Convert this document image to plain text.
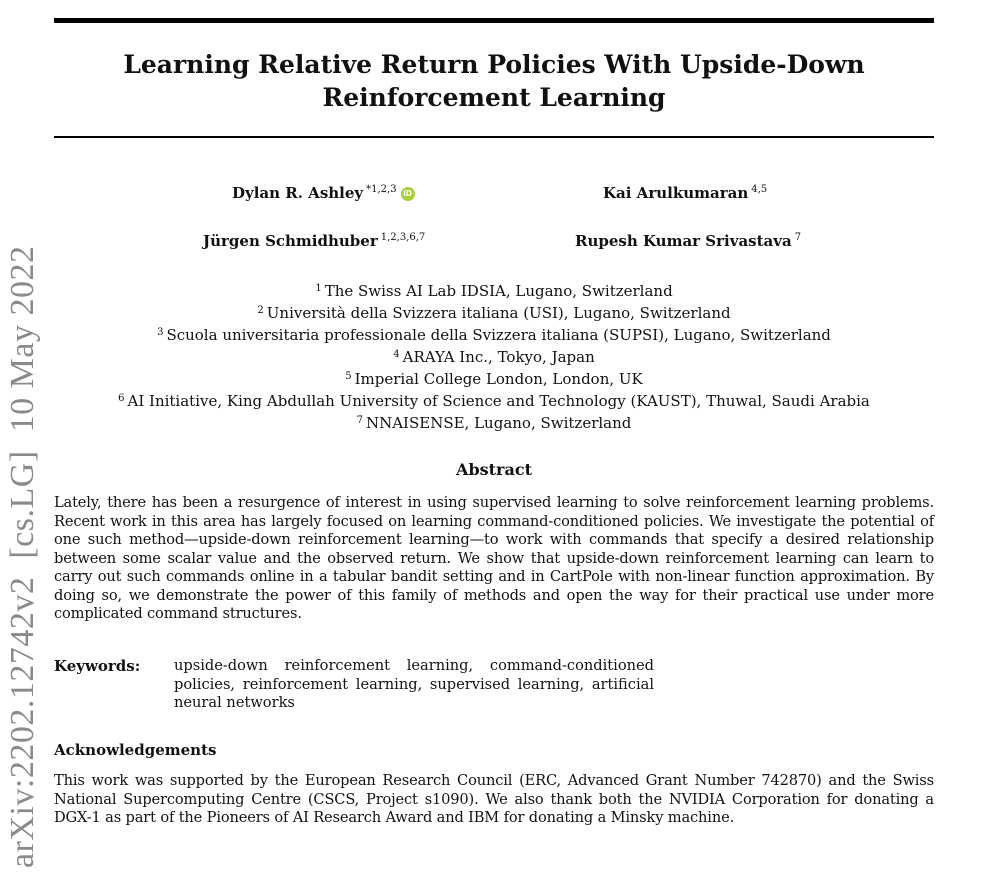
Learning Relative Return Policies With Upside-Down Reinforcement Learning
Dylan R. Ashley $^{*1,2,3}$ iD	Kai Arulkumaran $^{4,5}$
Jürgen Schmidhuber $^{1,2,3,6,7}$	Rupesh Kumar Srivastava $^7$
$^1$ The Swiss AI Lab IDSIA, Lugano, Switzerland
$^2$ Università della Svizzera italiana (USI), Lugano, Switzerland
$^3$ Scuola universitaria professionale della Svizzera italiana (SUPSI), Lugano, Switzerland
$^4$ ARAYA Inc., Tokyo, Japan
$^5$ Imperial College London, London, UK
$^6$ AI Initiative, King Abdullah University of Science and Technology (KAUST), Thuwal, Saudi Arabia
$^7$ NNAISENSE, Lugano, Switzerland
Abstract
Lately, there has been a resurgence of interest in using supervised learning to solve reinforcement learning problems. Recent work in this area has largely focused on learning command-conditioned policies. We investigate the potential of one such method—upside-down reinforcement learning—to work with commands that specify a desired relationship between some scalar value and the observed return. We show that upside-down reinforcement learning can learn to carry out such commands online in a tabular bandit setting and in CartPole with non-linear function approximation. By doing so, we demonstrate the power of this family of methods and open the way for their practical use under more complicated command structures.
Keywords: upside-down reinforcement learning, command-conditioned policies, reinforcement learning, supervised learning, artificial neural networks
Acknowledgements
This work was supported by the European Research Council (ERC, Advanced Grant Number 742870) and the Swiss National Supercomputing Centre (CSCS, Project s1090). We also thank both the NVIDIA Corporation for donating a DGX-1 as part of the Pioneers of AI Research Award and IBM for donating a Minsky machine.
arXiv:2202.12742v2  [cs.LG]  10 May 2022
